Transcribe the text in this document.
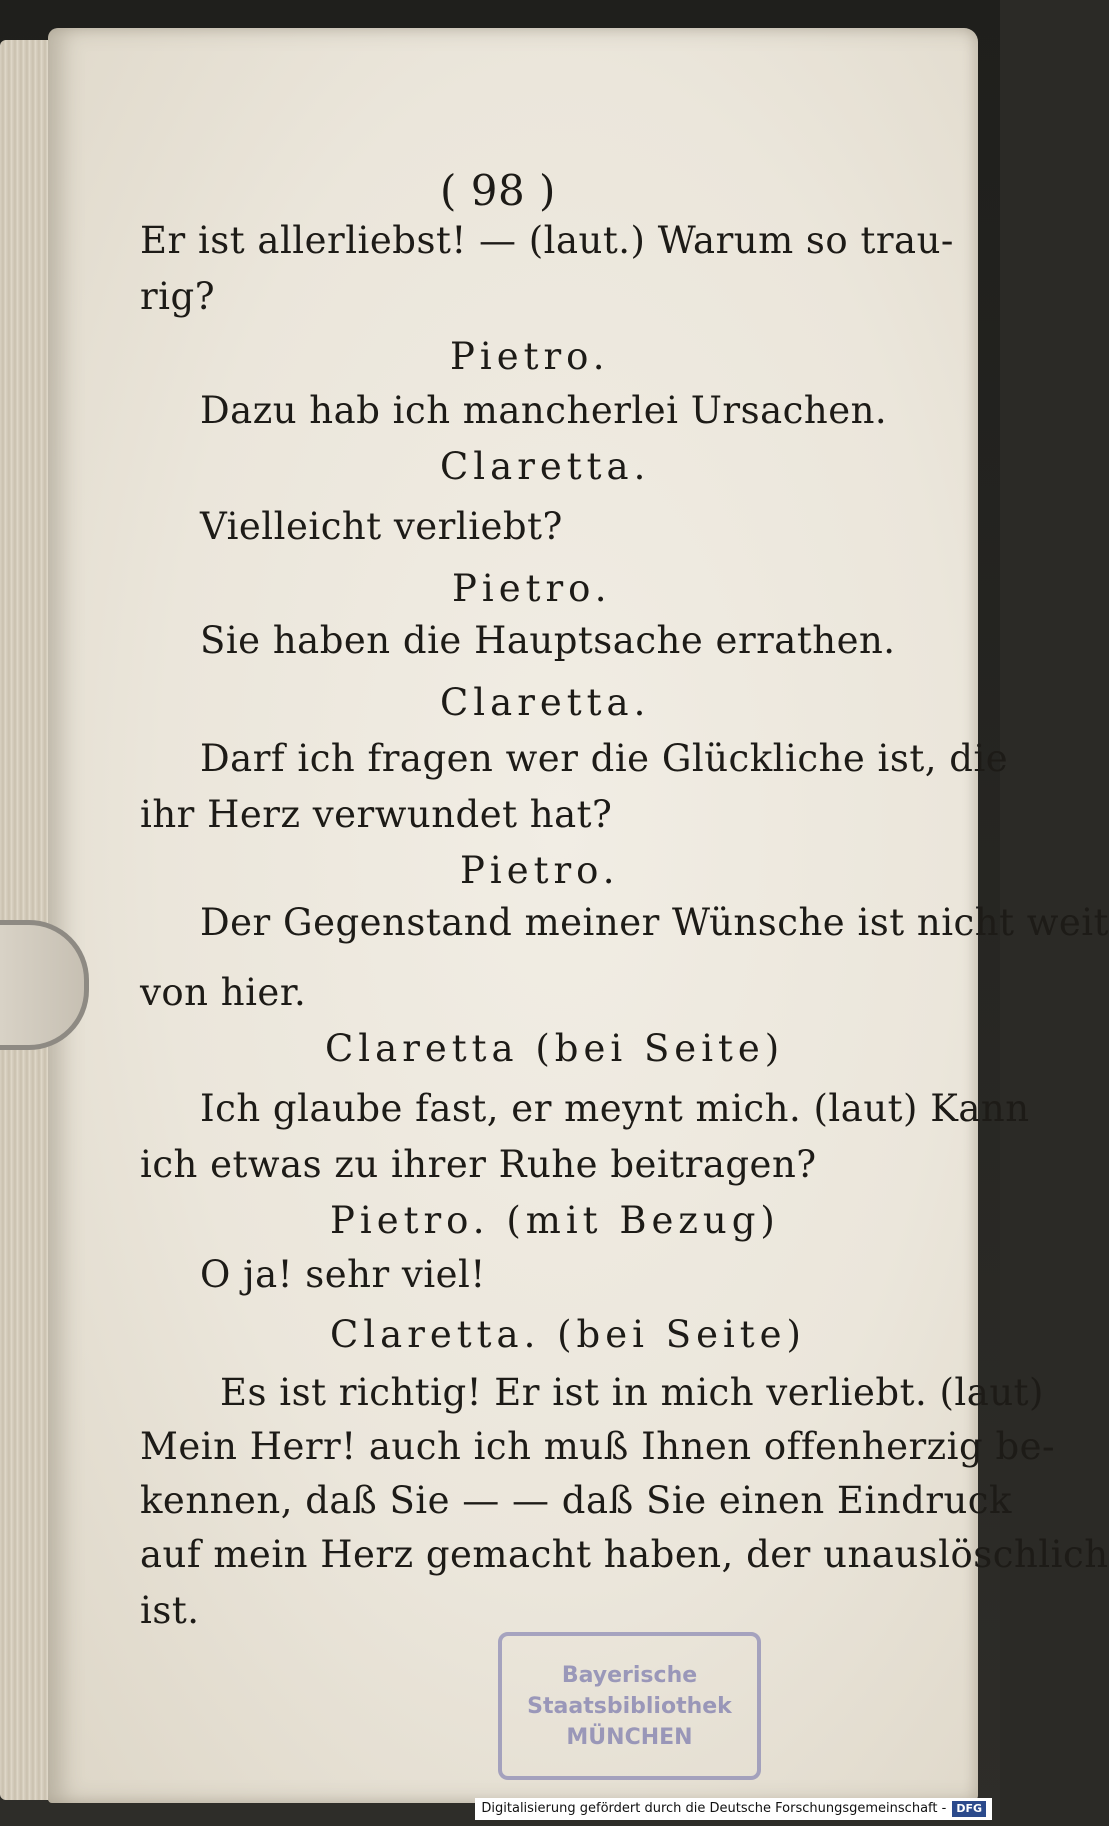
( 98 )
Er ist allerliebst! — (laut.) Warum so trau-
rig?
Pietro.
Dazu hab ich mancherlei Ursachen.
Claretta.
Vielleicht verliebt?
Pietro.
Sie haben die Hauptsache errathen.
Claretta.
Darf ich fragen wer die Glückliche ist, die
ihr Herz verwundet hat?
Pietro.
Der Gegenstand meiner Wünsche ist nicht weit
von hier.
Claretta (bei Seite)
Ich glaube fast, er meynt mich. (laut) Kann
ich etwas zu ihrer Ruhe beitragen?
Pietro. (mit Bezug)
O ja! sehr viel!
Claretta. (bei Seite)
Es ist richtig! Er ist in mich verliebt. (laut)
Mein Herr! auch ich muß Ihnen offenherzig be-
kennen, daß Sie — — daß Sie einen Eindruck
auf mein Herz gemacht haben, der unauslöschlich
ist.
Bayerische
Staatsbibliothek
MÜNCHEN
Digitalisierung gefördert durch die Deutsche Forschungsgemeinschaft - DFG
